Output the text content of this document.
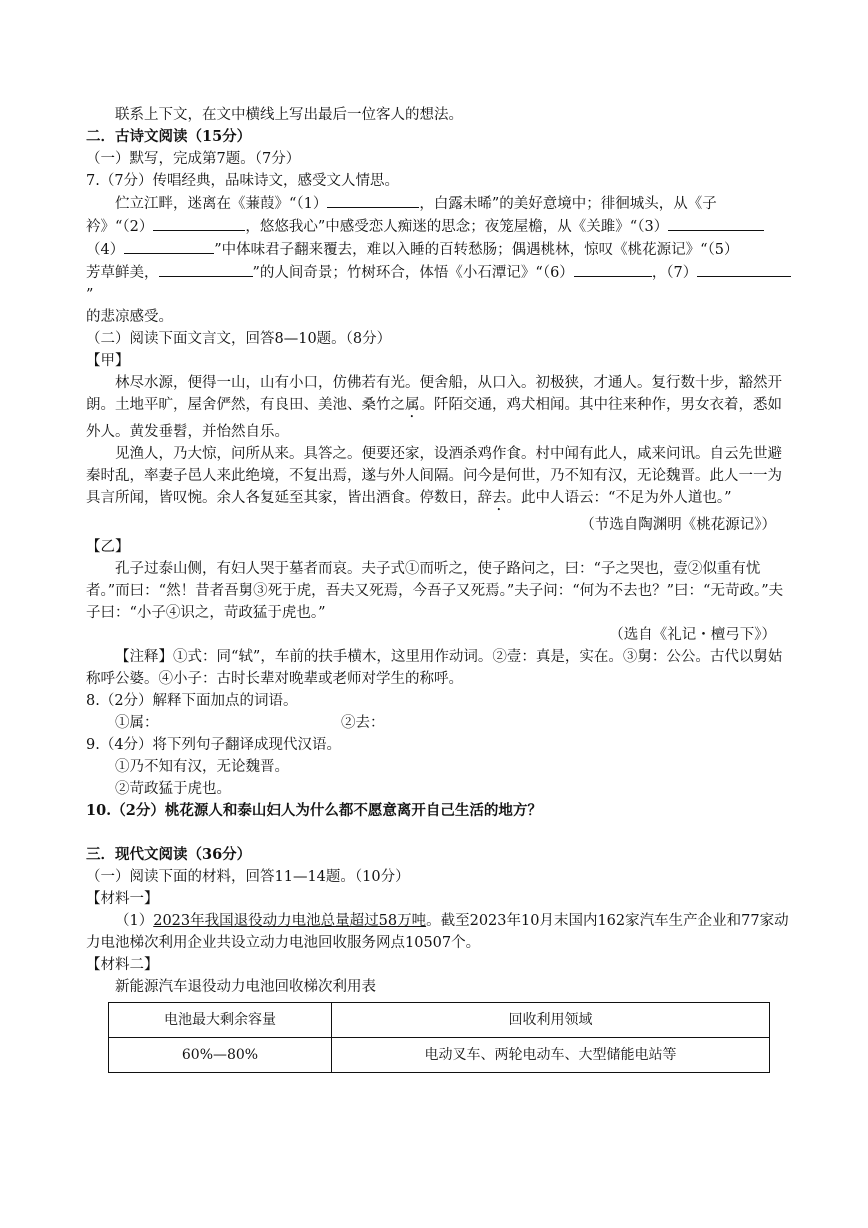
联系上下文，在文中横线上写出最后一位客人的想法。

二．古诗文阅读（15分）

（一）默写，完成第7题。（7分）

7.（7分）传唱经典，品味诗文，感受文人情思。

伫立江畔，迷离在《蒹葭》“（1）	，白露未晞”的美好意境中；徘徊城头，从《子

衿》“（2）	，悠悠我心”中感受恋人痴迷的思念；夜笼屋檐，从《关雎》“（3）

（4）	”中体味君子翻来覆去，难以入睡的百转愁肠；偶遇桃林，惊叹《桃花源记》“（5）

芳草鲜美，	”的人间奇景；竹树环合，体悟《小石潭记》“（6）	，（7）”

的悲凉感受。

（二）阅读下面文言文，回答8—10题。（8分）

【甲】

林尽水源，便得一山，山有小口，仿佛若有光。便舍船，从口入。初极狭，才通人。复行数十步，豁然开朗。土地平旷，屋舍俨然，有良田、美池、桑竹之属。阡陌交通，鸡犬相闻。其中往来种作，男女衣着，悉如外人。黄发垂髫，并怡然自乐。

见渔人，乃大惊，问所从来。具答之。便要还家，设酒杀鸡作食。村中闻有此人，咸来问讯。自云先世避秦时乱，率妻子邑人来此绝境，不复出焉，遂与外人间隔。问今是何世，乃不知有汉，无论魏晋。此人一一为具言所闻，皆叹惋。余人各复延至其家，皆出酒食。停数日，辞去。此中人语云：“不足为外人道也。”

（节选自陶渊明《桃花源记》）

【乙】

孔子过泰山侧，有妇人哭于墓者而哀。夫子式①而听之，使子路问之，曰：“子之哭也，壹②似重有忧者。”而曰：“然！昔者吾舅③死于虎，吾夫又死焉，今吾子又死焉。”夫子问：“何为不去也？”曰：“无苛政。”夫子曰：“小子④识之，苛政猛于虎也。”

（选自《礼记・檀弓下》）

【注释】①式：同“轼”，车前的扶手横木，这里用作动词。②壹：真是，实在。③舅：公公。古代以舅姑称呼公婆。④小子：古时长辈对晚辈或老师对学生的称呼。

8.（2分）解释下面加点的词语。

①属：	②去：

9.（4分）将下列句子翻译成现代汉语。

①乃不知有汉，无论魏晋。

②苛政猛于虎也。

10.（2分）桃花源人和泰山妇人为什么都不愿意离开自己生活的地方？

三．现代文阅读（36分）

（一）阅读下面的材料，回答11—14题。（10分）

【材料一】

（1）2023年我国退役动力电池总量超过58万吨。截至2023年10月末国内162家汽车生产企业和77家动力电池梯次利用企业共设立动力电池回收服务网点10507个。

【材料二】

新能源汽车退役动力电池回收梯次利用表

电池最大剩余容量	回收利用领域
60%—80%	电动叉车、两轮电动车、大型储能电站等
